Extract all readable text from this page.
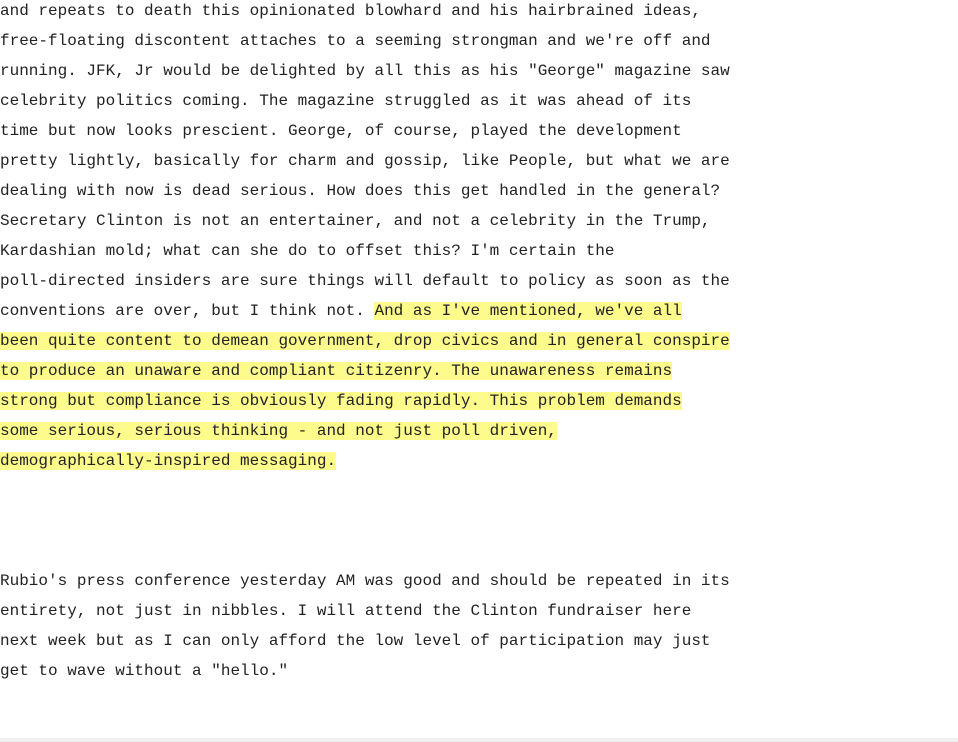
and repeats to death this opinionated blowhard and his hairbrained ideas,
free-floating discontent attaches to a seeming strongman and we're off and
running. JFK, Jr would be delighted by all this as his "George" magazine saw
celebrity politics coming. The magazine struggled as it was ahead of its
time but now looks prescient. George, of course, played the development
pretty lightly, basically for charm and gossip, like People, but what we are
dealing with now is dead serious. How does this get handled in the general?
Secretary Clinton is not an entertainer, and not a celebrity in the Trump,
Kardashian mold; what can she do to offset this? I'm certain the
poll-directed insiders are sure things will default to policy as soon as the
conventions are over, but I think not. And as I've mentioned, we've all
been quite content to demean government, drop civics and in general conspire
to produce an unaware and compliant citizenry. The unawareness remains
strong but compliance is obviously fading rapidly. This problem demands
some serious, serious thinking - and not just poll driven,
demographically-inspired messaging.
Rubio's press conference yesterday AM was good and should be repeated in its
entirety, not just in nibbles. I will attend the Clinton fundraiser here
next week but as I can only afford the low level of participation may just
get to wave without a "hello."
